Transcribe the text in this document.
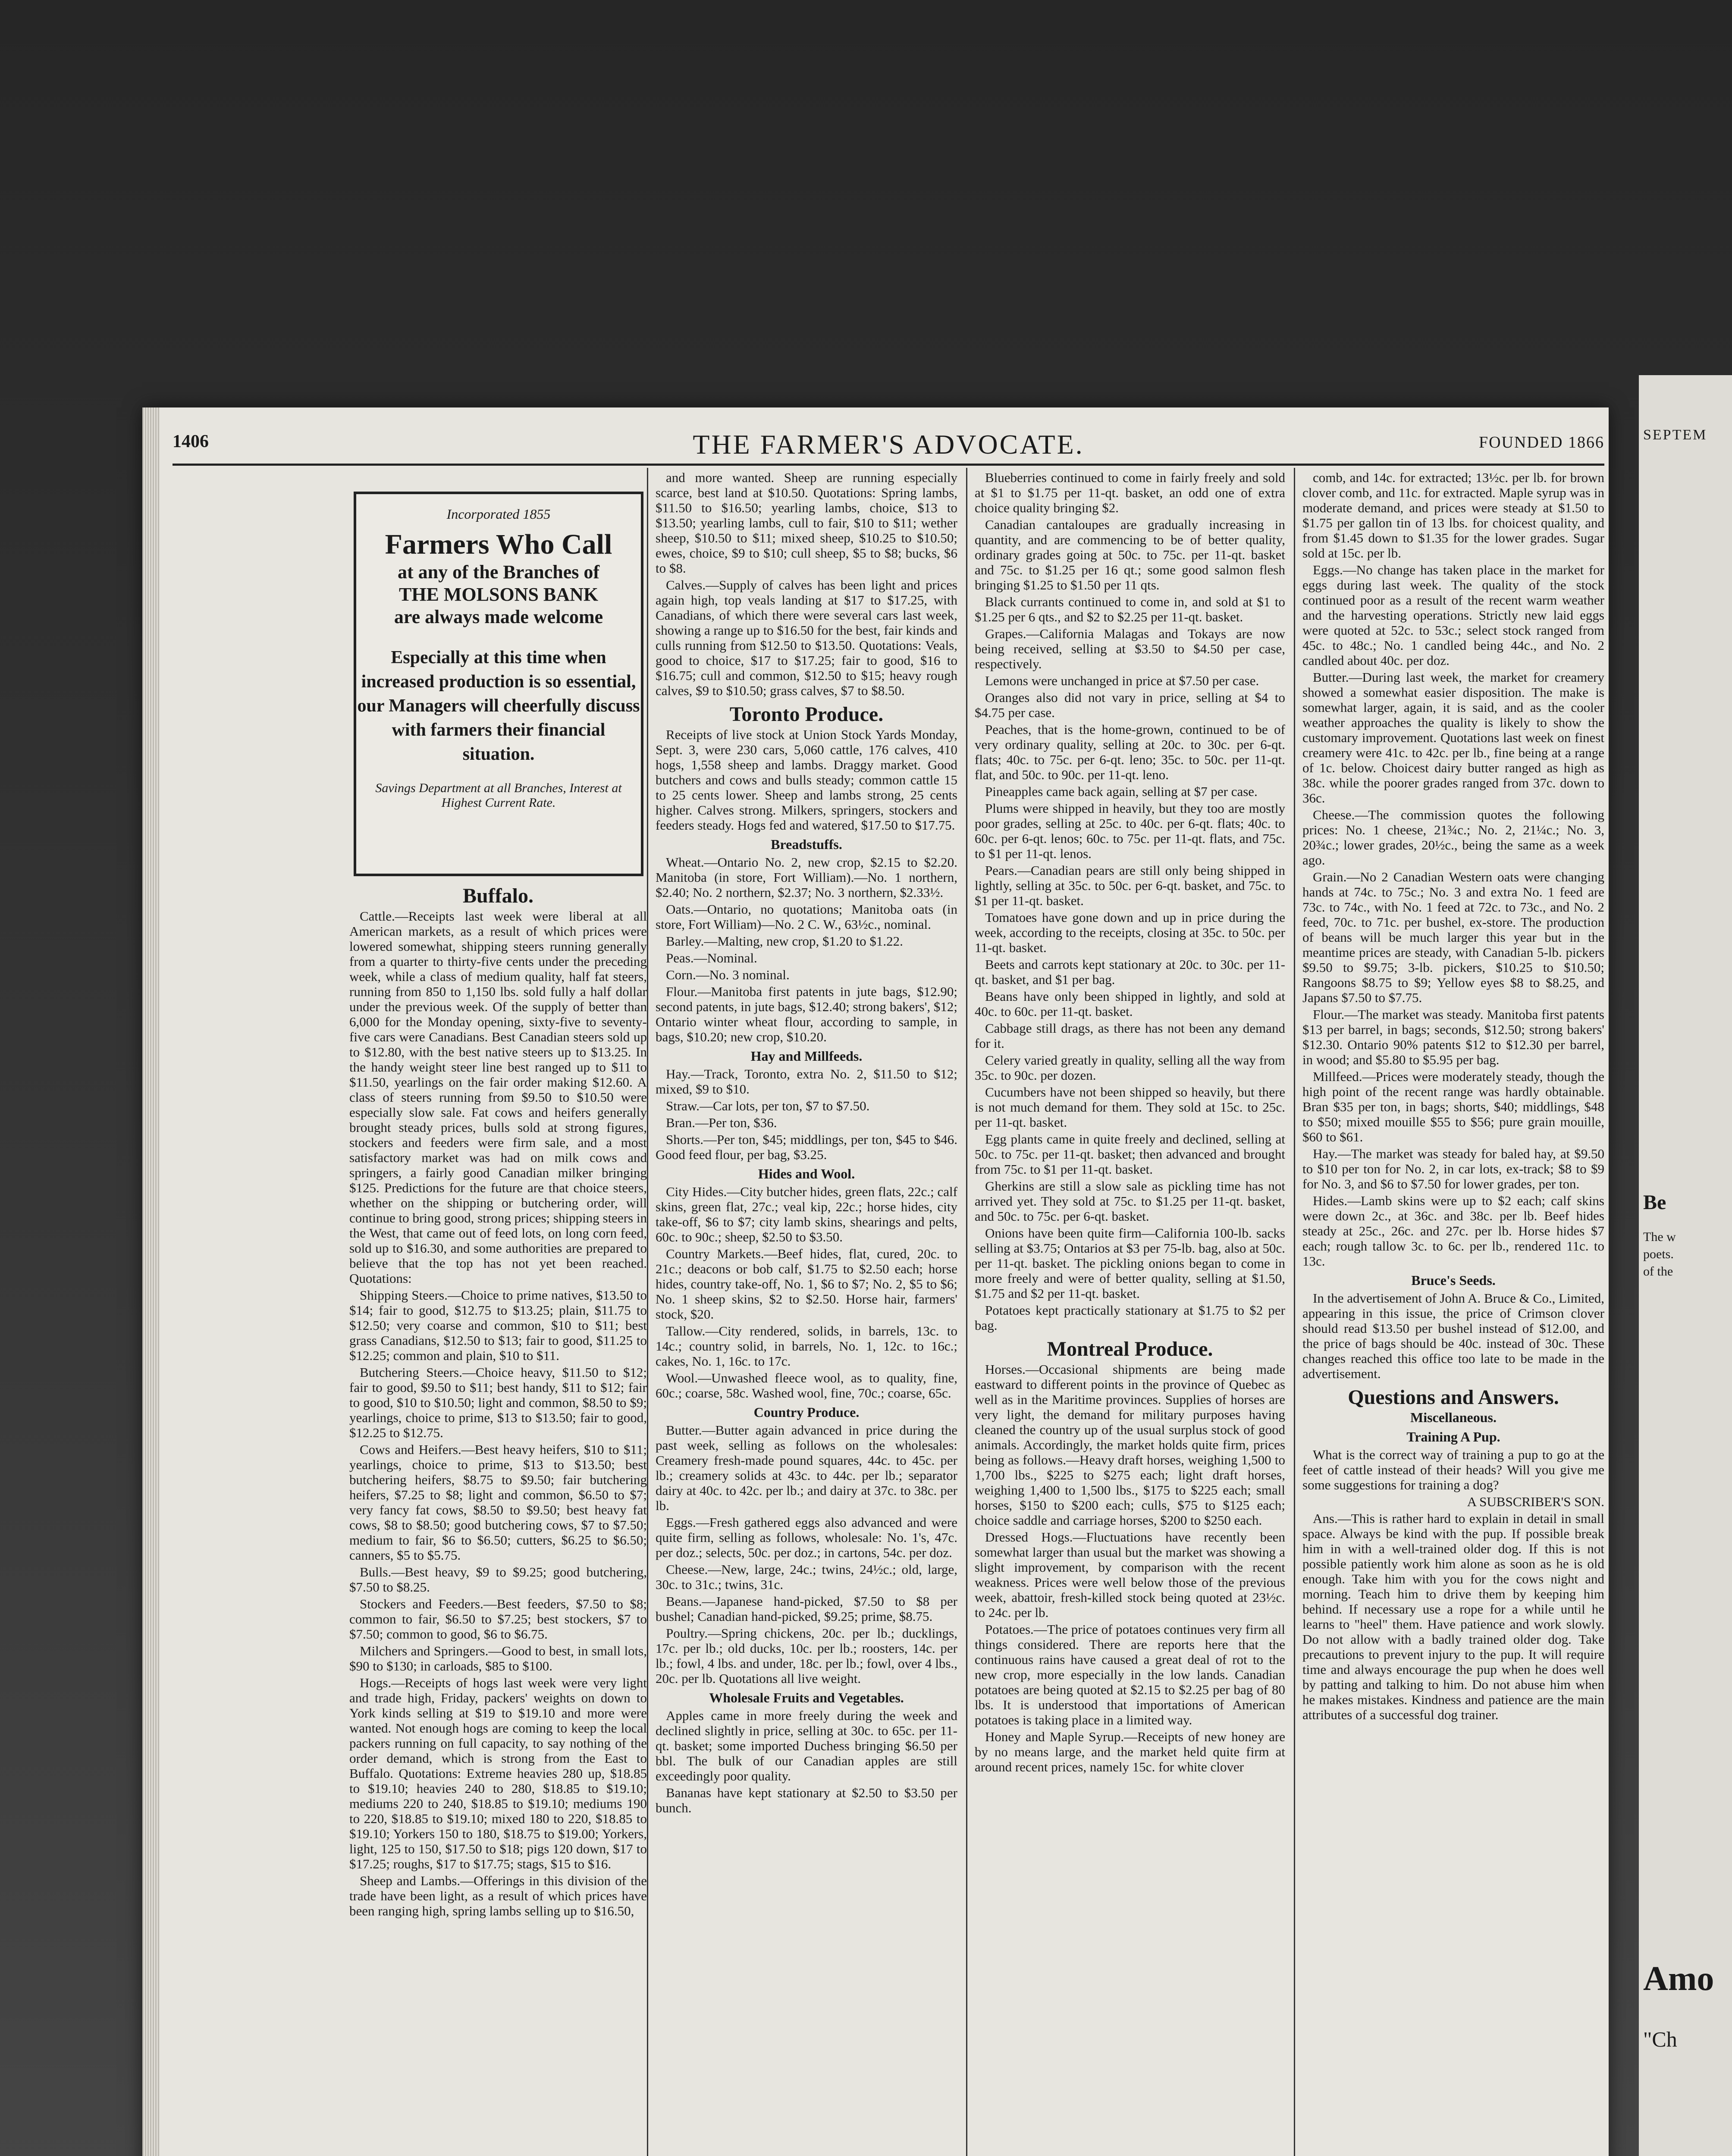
SEPTEM
Be
The w
poets.
of the
Amo
"Ch
1406	THE FARMER'S ADVOCATE.	FOUNDED 1866
Incorporated 1855
Farmers Who Call
at any of the Branches of
THE MOLSONS BANK
are always made welcome
Especially at this time when increased production is so essential, our Managers will cheerfully discuss with farmers their financial situation.
Savings Department at all Branches, Interest at Highest Current Rate.
Buffalo.

Cattle.—Receipts last week were liberal at all American markets, as a result of which prices were lowered somewhat, shipping steers running generally from a quarter to thirty-five cents under the preceding week, while a class of medium quality, half fat steers, running from 850 to 1,150 lbs. sold fully a half dollar under the previous week. Of the supply of better than 6,000 for the Monday opening, sixty-five to seventy-five cars were Canadians. Best Canadian steers sold up to $12.80, with the best native steers up to $13.25. In the handy weight steer line best ranged up to $11 to $11.50, yearlings on the fair order making $12.60. A class of steers running from $9.50 to $10.50 were especially slow sale. Fat cows and heifers generally brought steady prices, bulls sold at strong figures, stockers and feeders were firm sale, and a most satisfactory market was had on milk cows and springers, a fairly good Canadian milker bringing $125. Predictions for the future are that choice steers, whether on the shipping or butchering order, will continue to bring good, strong prices; shipping steers in the West, that came out of feed lots, on long corn feed, sold up to $16.30, and some authorities are prepared to believe that the top has not yet been reached. Quotations:

Shipping Steers.—Choice to prime natives, $13.50 to $14; fair to good, $12.75 to $13.25; plain, $11.75 to $12.50; very coarse and common, $10 to $11; best grass Canadians, $12.50 to $13; fair to good, $11.25 to $12.25; common and plain, $10 to $11.

Butchering Steers.—Choice heavy, $11.50 to $12; fair to good, $9.50 to $11; best handy, $11 to $12; fair to good, $10 to $10.50; light and common, $8.50 to $9; yearlings, choice to prime, $13 to $13.50; fair to good, $12.25 to $12.75.

Cows and Heifers.—Best heavy heifers, $10 to $11; yearlings, choice to prime, $13 to $13.50; best butchering heifers, $8.75 to $9.50; fair butchering heifers, $7.25 to $8; light and common, $6.50 to $7; very fancy fat cows, $8.50 to $9.50; best heavy fat cows, $8 to $8.50; good butchering cows, $7 to $7.50; medium to fair, $6 to $6.50; cutters, $6.25 to $6.50; canners, $5 to $5.75.

Bulls.—Best heavy, $9 to $9.25; good butchering, $7.50 to $8.25.

Stockers and Feeders.—Best feeders, $7.50 to $8; common to fair, $6.50 to $7.25; best stockers, $7 to $7.50; common to good, $6 to $6.75.

Milchers and Springers.—Good to best, in small lots, $90 to $130; in carloads, $85 to $100.

Hogs.—Receipts of hogs last week were very light and trade high, Friday, packers' weights on down to York kinds selling at $19 to $19.10 and more were wanted. Not enough hogs are coming to keep the local packers running on full capacity, to say nothing of the order demand, which is strong from the East to Buffalo. Quotations: Extreme heavies 280 up, $18.85 to $19.10; heavies 240 to 280, $18.85 to $19.10; mediums 220 to 240, $18.85 to $19.10; mediums 190 to 220, $18.85 to $19.10; mixed 180 to 220, $18.85 to $19.10; Yorkers 150 to 180, $18.75 to $19.00; Yorkers, light, 125 to 150, $17.50 to $18; pigs 120 down, $17 to $17.25; roughs, $17 to $17.75; stags, $15 to $16.

Sheep and Lambs.—Offerings in this division of the trade have been light, as a result of which prices have been ranging high, spring lambs selling up to $16.50,

and more wanted. Sheep are running especially scarce, best land at $10.50. Quotations: Spring lambs, $11.50 to $16.50; yearling lambs, choice, $13 to $13.50; yearling lambs, cull to fair, $10 to $11; wether sheep, $10.50 to $11; mixed sheep, $10.25 to $10.50; ewes, choice, $9 to $10; cull sheep, $5 to $8; bucks, $6 to $8.

Calves.—Supply of calves has been light and prices again high, top veals landing at $17 to $17.25, with Canadians, of which there were several cars last week, showing a range up to $16.50 for the best, fair kinds and culls running from $12.50 to $13.50. Quotations: Veals, good to choice, $17 to $17.25; fair to good, $16 to $16.75; cull and common, $12.50 to $15; heavy rough calves, $9 to $10.50; grass calves, $7 to $8.50.

Toronto Produce.

Receipts of live stock at Union Stock Yards Monday, Sept. 3, were 230 cars, 5,060 cattle, 176 calves, 410 hogs, 1,558 sheep and lambs. Draggy market. Good butchers and cows and bulls steady; common cattle 15 to 25 cents lower. Sheep and lambs strong, 25 cents higher. Calves strong. Milkers, springers, stockers and feeders steady. Hogs fed and watered, $17.50 to $17.75.

Breadstuffs.

Wheat.—Ontario No. 2, new crop, $2.15 to $2.20. Manitoba (in store, Fort William).—No. 1 northern, $2.40; No. 2 northern, $2.37; No. 3 northern, $2.33½.

Oats.—Ontario, no quotations; Manitoba oats (in store, Fort William)—No. 2 C. W., 63½c., nominal.

Barley.—Malting, new crop, $1.20 to $1.22.

Peas.—Nominal.

Corn.—No. 3 nominal.

Flour.—Manitoba first patents in jute bags, $12.90; second patents, in jute bags, $12.40; strong bakers', $12; Ontario winter wheat flour, according to sample, in bags, $10.20; new crop, $10.20.

Hay and Millfeeds.

Hay.—Track, Toronto, extra No. 2, $11.50 to $12; mixed, $9 to $10.

Straw.—Car lots, per ton, $7 to $7.50.

Bran.—Per ton, $36.

Shorts.—Per ton, $45; middlings, per ton, $45 to $46. Good feed flour, per bag, $3.25.

Hides and Wool.

City Hides.—City butcher hides, green flats, 22c.; calf skins, green flat, 27c.; veal kip, 22c.; horse hides, city take-off, $6 to $7; city lamb skins, shearings and pelts, 60c. to 90c.; sheep, $2.50 to $3.50.

Country Markets.—Beef hides, flat, cured, 20c. to 21c.; deacons or bob calf, $1.75 to $2.50 each; horse hides, country take-off, No. 1, $6 to $7; No. 2, $5 to $6; No. 1 sheep skins, $2 to $2.50. Horse hair, farmers' stock, $20.

Tallow.—City rendered, solids, in barrels, 13c. to 14c.; country solid, in barrels, No. 1, 12c. to 16c.; cakes, No. 1, 16c. to 17c.

Wool.—Unwashed fleece wool, as to quality, fine, 60c.; coarse, 58c. Washed wool, fine, 70c.; coarse, 65c.

Country Produce.

Butter.—Butter again advanced in price during the past week, selling as follows on the wholesales: Creamery fresh-made pound squares, 44c. to 45c. per lb.; creamery solids at 43c. to 44c. per lb.; separator dairy at 40c. to 42c. per lb.; and dairy at 37c. to 38c. per lb.

Eggs.—Fresh gathered eggs also advanced and were quite firm, selling as follows, wholesale: No. 1's, 47c. per doz.; selects, 50c. per doz.; in cartons, 54c. per doz.

Cheese.—New, large, 24c.; twins, 24½c.; old, large, 30c. to 31c.; twins, 31c.

Beans.—Japanese hand-picked, $7.50 to $8 per bushel; Canadian hand-picked, $9.25; prime, $8.75.

Poultry.—Spring chickens, 20c. per lb.; ducklings, 17c. per lb.; old ducks, 10c. per lb.; roosters, 14c. per lb.; fowl, 4 lbs. and under, 18c. per lb.; fowl, over 4 lbs., 20c. per lb. Quotations all live weight.

Wholesale Fruits and Vegetables.

Apples came in more freely during the week and declined slightly in price, selling at 30c. to 65c. per 11-qt. basket; some imported Duchess bringing $6.50 per bbl. The bulk of our Canadian apples are still exceedingly poor quality.

Bananas have kept stationary at $2.50 to $3.50 per bunch.

Blueberries continued to come in fairly freely and sold at $1 to $1.75 per 11-qt. basket, an odd one of extra choice quality bringing $2.

Canadian cantaloupes are gradually increasing in quantity, and are commencing to be of better quality, ordinary grades going at 50c. to 75c. per 11-qt. basket and 75c. to $1.25 per 16 qt.; some good salmon flesh bringing $1.25 to $1.50 per 11 qts.

Black currants continued to come in, and sold at $1 to $1.25 per 6 qts., and $2 to $2.25 per 11-qt. basket.

Grapes.—California Malagas and Tokays are now being received, selling at $3.50 to $4.50 per case, respectively.

Lemons were unchanged in price at $7.50 per case.

Oranges also did not vary in price, selling at $4 to $4.75 per case.

Peaches, that is the home-grown, continued to be of very ordinary quality, selling at 20c. to 30c. per 6-qt. flats; 40c. to 75c. per 6-qt. leno; 35c. to 50c. per 11-qt. flat, and 50c. to 90c. per 11-qt. leno.

Pineapples came back again, selling at $7 per case.

Plums were shipped in heavily, but they too are mostly poor grades, selling at 25c. to 40c. per 6-qt. flats; 40c. to 60c. per 6-qt. lenos; 60c. to 75c. per 11-qt. flats, and 75c. to $1 per 11-qt. lenos.

Pears.—Canadian pears are still only being shipped in lightly, selling at 35c. to 50c. per 6-qt. basket, and 75c. to $1 per 11-qt. basket.

Tomatoes have gone down and up in price during the week, according to the receipts, closing at 35c. to 50c. per 11-qt. basket.

Beets and carrots kept stationary at 20c. to 30c. per 11-qt. basket, and $1 per bag.

Beans have only been shipped in lightly, and sold at 40c. to 60c. per 11-qt. basket.

Cabbage still drags, as there has not been any demand for it.

Celery varied greatly in quality, selling all the way from 35c. to 90c. per dozen.

Cucumbers have not been shipped so heavily, but there is not much demand for them. They sold at 15c. to 25c. per 11-qt. basket.

Egg plants came in quite freely and declined, selling at 50c. to 75c. per 11-qt. basket; then advanced and brought from 75c. to $1 per 11-qt. basket.

Gherkins are still a slow sale as pickling time has not arrived yet. They sold at 75c. to $1.25 per 11-qt. basket, and 50c. to 75c. per 6-qt. basket.

Onions have been quite firm—California 100-lb. sacks selling at $3.75; Ontarios at $3 per 75-lb. bag, also at 50c. per 11-qt. basket. The pickling onions began to come in more freely and were of better quality, selling at $1.50, $1.75 and $2 per 11-qt. basket.

Potatoes kept practically stationary at $1.75 to $2 per bag.

Montreal Produce.

Horses.—Occasional shipments are being made eastward to different points in the province of Quebec as well as in the Maritime provinces. Supplies of horses are very light, the demand for military purposes having cleaned the country up of the usual surplus stock of good animals. Accordingly, the market holds quite firm, prices being as follows.—Heavy draft horses, weighing 1,500 to 1,700 lbs., $225 to $275 each; light draft horses, weighing 1,400 to 1,500 lbs., $175 to $225 each; small horses, $150 to $200 each; culls, $75 to $125 each; choice saddle and carriage horses, $200 to $250 each.

Dressed Hogs.—Fluctuations have recently been somewhat larger than usual but the market was showing a slight improvement, by comparison with the recent weakness. Prices were well below those of the previous week, abattoir, fresh-killed stock being quoted at 23½c. to 24c. per lb.

Potatoes.—The price of potatoes continues very firm all things considered. There are reports here that the continuous rains have caused a great deal of rot to the new crop, more especially in the low lands. Canadian potatoes are being quoted at $2.15 to $2.25 per bag of 80 lbs. It is understood that importations of American potatoes is taking place in a limited way.

Honey and Maple Syrup.—Receipts of new honey are by no means large, and the market held quite firm at around recent prices, namely 15c. for white clover

comb, and 14c. for extracted; 13½c. per lb. for brown clover comb, and 11c. for extracted. Maple syrup was in moderate demand, and prices were steady at $1.50 to $1.75 per gallon tin of 13 lbs. for choicest quality, and from $1.45 down to $1.35 for the lower grades. Sugar sold at 15c. per lb.

Eggs.—No change has taken place in the market for eggs during last week. The quality of the stock continued poor as a result of the recent warm weather and the harvesting operations. Strictly new laid eggs were quoted at 52c. to 53c.; select stock ranged from 45c. to 48c.; No. 1 candled being 44c., and No. 2 candled about 40c. per doz.

Butter.—During last week, the market for creamery showed a somewhat easier disposition. The make is somewhat larger, again, it is said, and as the cooler weather approaches the quality is likely to show the customary improvement. Quotations last week on finest creamery were 41c. to 42c. per lb., fine being at a range of 1c. below. Choicest dairy butter ranged as high as 38c. while the poorer grades ranged from 37c. down to 36c.

Cheese.—The commission quotes the following prices: No. 1 cheese, 21¾c.; No. 2, 21¼c.; No. 3, 20¾c.; lower grades, 20½c., being the same as a week ago.

Grain.—No 2 Canadian Western oats were changing hands at 74c. to 75c.; No. 3 and extra No. 1 feed are 73c. to 74c., with No. 1 feed at 72c. to 73c., and No. 2 feed, 70c. to 71c. per bushel, ex-store. The production of beans will be much larger this year but in the meantime prices are steady, with Canadian 5-lb. pickers $9.50 to $9.75; 3-lb. pickers, $10.25 to $10.50; Rangoons $8.75 to $9; Yellow eyes $8 to $8.25, and Japans $7.50 to $7.75.

Flour.—The market was steady. Manitoba first patents $13 per barrel, in bags; seconds, $12.50; strong bakers' $12.30. Ontario 90% patents $12 to $12.30 per barrel, in wood; and $5.80 to $5.95 per bag.

Millfeed.—Prices were moderately steady, though the high point of the recent range was hardly obtainable. Bran $35 per ton, in bags; shorts, $40; middlings, $48 to $50; mixed mouille $55 to $56; pure grain mouille, $60 to $61.

Hay.—The market was steady for baled hay, at $9.50 to $10 per ton for No. 2, in car lots, ex-track; $8 to $9 for No. 3, and $6 to $7.50 for lower grades, per ton.

Hides.—Lamb skins were up to $2 each; calf skins were down 2c., at 36c. and 38c. per lb. Beef hides steady at 25c., 26c. and 27c. per lb. Horse hides $7 each; rough tallow 3c. to 6c. per lb., rendered 11c. to 13c.

Bruce's Seeds.

In the advertisement of John A. Bruce & Co., Limited, appearing in this issue, the price of Crimson clover should read $13.50 per bushel instead of $12.00, and the price of bags should be 40c. instead of 30c. These changes reached this office too late to be made in the advertisement.

Questions and Answers.
Miscellaneous.
Training A Pup.

What is the correct way of training a pup to go at the feet of cattle instead of their heads? Will you give me some suggestions for training a dog?

A SUBSCRIBER'S SON.

Ans.—This is rather hard to explain in detail in small space. Always be kind with the pup. If possible break him in with a well-trained older dog. If this is not possible patiently work him alone as soon as he is old enough. Take him with you for the cows night and morning. Teach him to drive them by keeping him behind. If necessary use a rope for a while until he learns to "heel" them. Have patience and work slowly. Do not allow with a badly trained older dog. Take precautions to prevent injury to the pup. It will require time and always encourage the pup when he does well by patting and talking to him. Do not abuse him when he makes mistakes. Kindness and patience are the main attributes of a successful dog trainer.
